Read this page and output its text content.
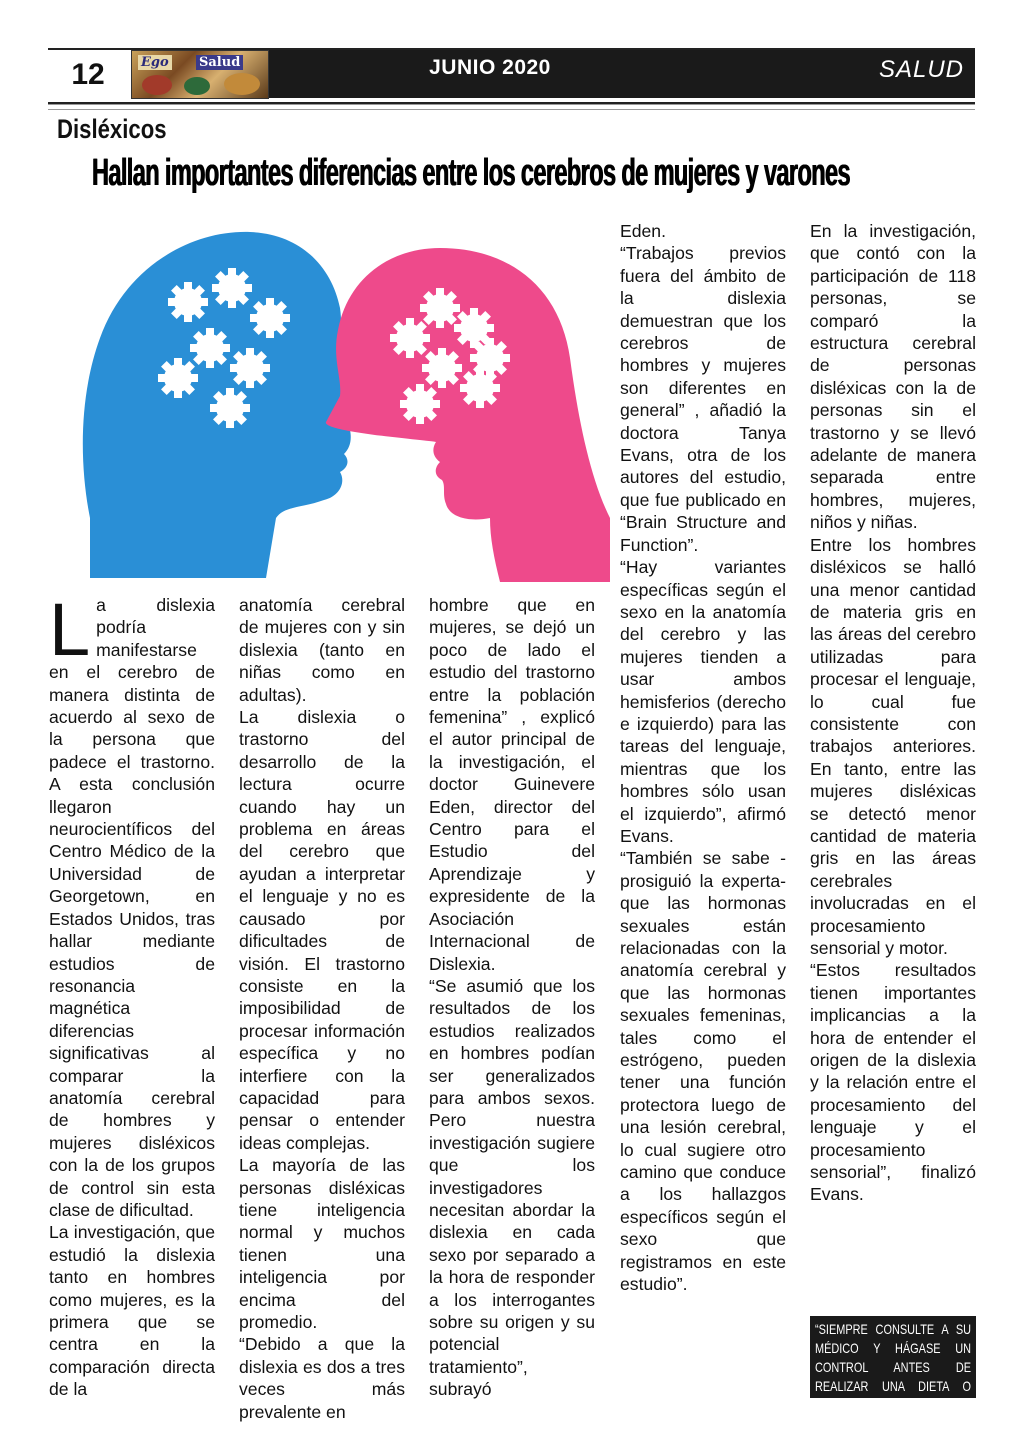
12	Ego Salud	JUNIO 2020	SALUD
Disléxicos
Hallan importantes diferencias entre los cerebros de mujeres y varones

La dislexia podría manifestarse en el cerebro de manera distinta de acuerdo al sexo de la persona que padece el trastorno. A esta conclusión llegaron neurocientíficos del Centro Médico de la Universidad de Georgetown, en Estados Unidos, tras hallar mediante estudios de resonancia magnética diferencias significativas al comparar la anatomía cerebral de hombres y mujeres disléxicos con la de los grupos de control sin esta clase de dificultad.

La investigación, que estudió la dislexia tanto en hombres como mujeres, es la primera que se centra en la comparación directa de la

anatomía cerebral de mujeres con y sin dislexia (tanto en niñas como en adultas).

La dislexia o trastorno del desarrollo de la lectura ocurre cuando hay un problema en áreas del cerebro que ayudan a interpretar el lenguaje y no es causado por dificultades de visión. El trastorno consiste en la imposibilidad de procesar información específica y no interfiere con la capacidad para pensar o entender ideas complejas.

La mayoría de las personas disléxicas tiene inteligencia normal y muchos tienen una inteligencia por encima del promedio.

“Debido a que la dislexia es dos a tres veces más prevalente en

hombre que en mujeres, se dejó un poco de lado el estudio del trastorno entre la población femenina” , explicó el autor principal de la investigación, el doctor Guinevere Eden, director del Centro para el Estudio del Aprendizaje y expresidente de la Asociación Internacional de Dislexia.

“Se asumió que los resultados de los estudios realizados en hombres podían ser generalizados para ambos sexos. Pero nuestra investigación sugiere que los investigadores necesitan abordar la dislexia en cada sexo por separado a la hora de responder a los interrogantes sobre su origen y su potencial tratamiento”, subrayó

Eden.

“Trabajos previos fuera del ámbito de la dislexia demuestran que los cerebros de hombres y mujeres son diferentes en general” , añadió la doctora Tanya Evans, otra de los autores del estudio, que fue publicado en “Brain Structure and Function”.

“Hay variantes específicas según el sexo en la anatomía del cerebro y las mujeres tienden a usar ambos hemisferios (derecho e izquierdo) para las tareas del lenguaje, mientras que los hombres sólo usan el izquierdo”, afirmó Evans.

“También se sabe -prosiguió la experta- que las hormonas sexuales están relacionadas con la anatomía cerebral y que las hormonas sexuales femeninas, tales como el estrógeno, pueden tener una función protectora luego de una lesión cerebral, lo cual sugiere otro camino que conduce a los hallazgos específicos según el sexo que registramos en este estudio”.

En la investigación, que contó con la participación de 118 personas, se comparó la estructura cerebral de personas disléxicas con la de personas sin el trastorno y se llevó adelante de manera separada entre hombres, mujeres, niños y niñas.

Entre los hombres disléxicos se halló una menor cantidad de materia gris en las áreas del cerebro utilizadas para procesar el lenguaje, lo cual fue consistente con trabajos anteriores. En tanto, entre las mujeres disléxicas se detectó menor cantidad de materia gris en las áreas cerebrales involucradas en el procesamiento sensorial y motor.

“Estos resultados tienen importantes implicancias a la hora de entender el origen de la dislexia y la relación entre el procesamiento del lenguaje y el procesamiento sensorial”, finalizó Evans.

“SIEMPRE CONSULTE A SU MÉDICO Y HÁGASE UN CONTROL ANTES DE REALIZAR UNA DIETA O ACTIVADAD FÍSICA”
